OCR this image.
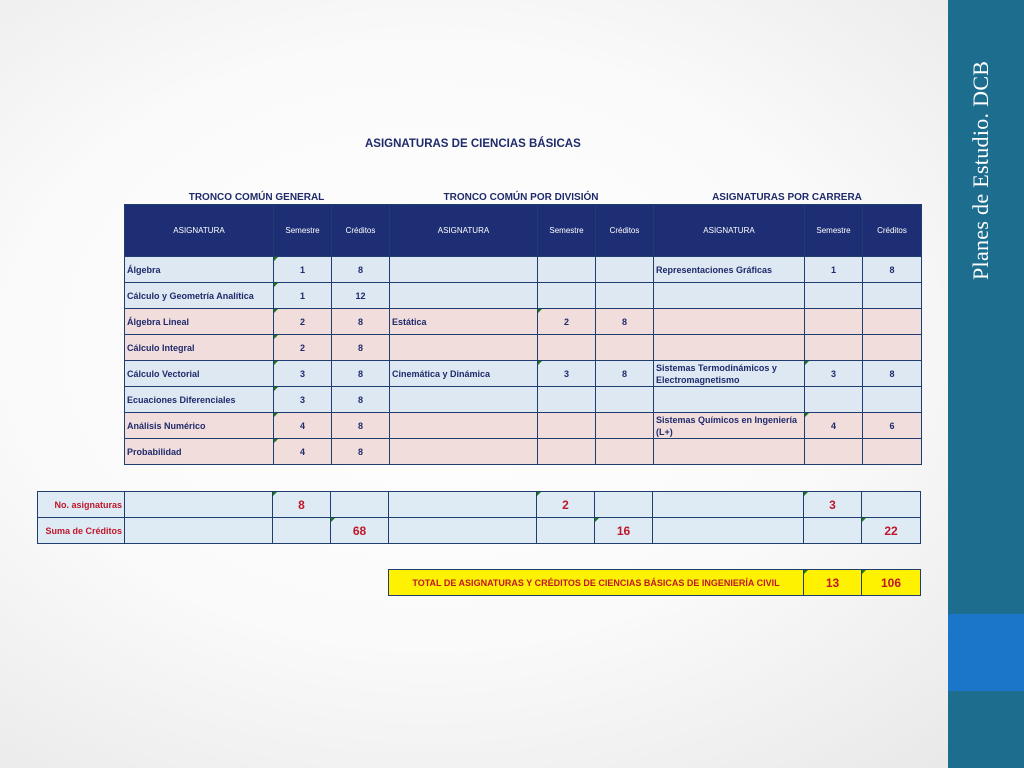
Planes de Estudio. DCB
ASIGNATURAS DE CIENCIAS BÁSICAS
TRONCO COMÚN GENERAL	TRONCO COMÚN POR DIVISIÓN	ASIGNATURAS POR CARRERA
ASIGNATURA	Semestre	Créditos	ASIGNATURA	Semestre	Créditos	ASIGNATURA	Semestre	Créditos
Álgebra	1	8				Representaciones Gráficas	1	8
Cálculo y Geometría Analítica	1	12						
Álgebra Lineal	2	8	Estática	2	8			
Cálculo Integral	2	8						
Cálculo Vectorial	3	8	Cinemática y Dinámica	3	8	Sistemas Termodinámicos y Electromagnetismo	3	8
Ecuaciones Diferenciales	3	8						
Análisis Numérico	4	8				Sistemas Químicos en Ingeniería (L+)	4	6
Probabilidad	4	8						
No. asignaturas		8			2			3	
Suma de Créditos			68			16			22
TOTAL DE ASIGNATURAS Y CRÉDITOS DE CIENCIAS BÁSICAS DE INGENIERÍA CIVIL	13	106
